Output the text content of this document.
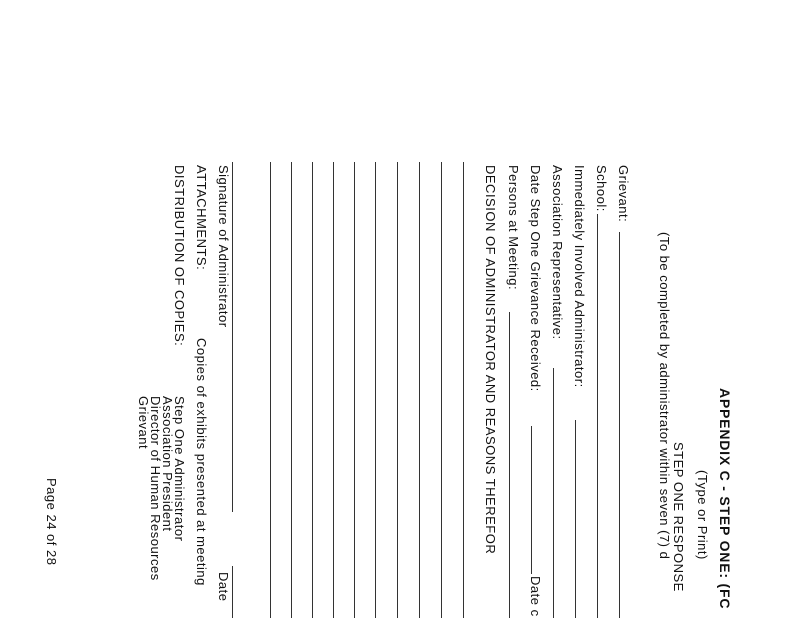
APPENDIX C - STEP ONE: (FC
(Type or Print)
STEP ONE RESPONSE
(To be completed by administrator within seven (7) d
Grievant:
School:
Immediately Involved Administrator:
Association Representative:
Date Step One Grievance Received:
Date c
Persons at Meeting:
DECISION OF ADMINISTRATOR AND REASONS THEREFOR
Signature of Administrator
Date
ATTACHMENTS:
Copies of exhibits presented at meeting
DISTRIBUTION OF COPIES:
Step One Administrator
Association President
Director of Human Resources
Grievant
Page 24 of 28
